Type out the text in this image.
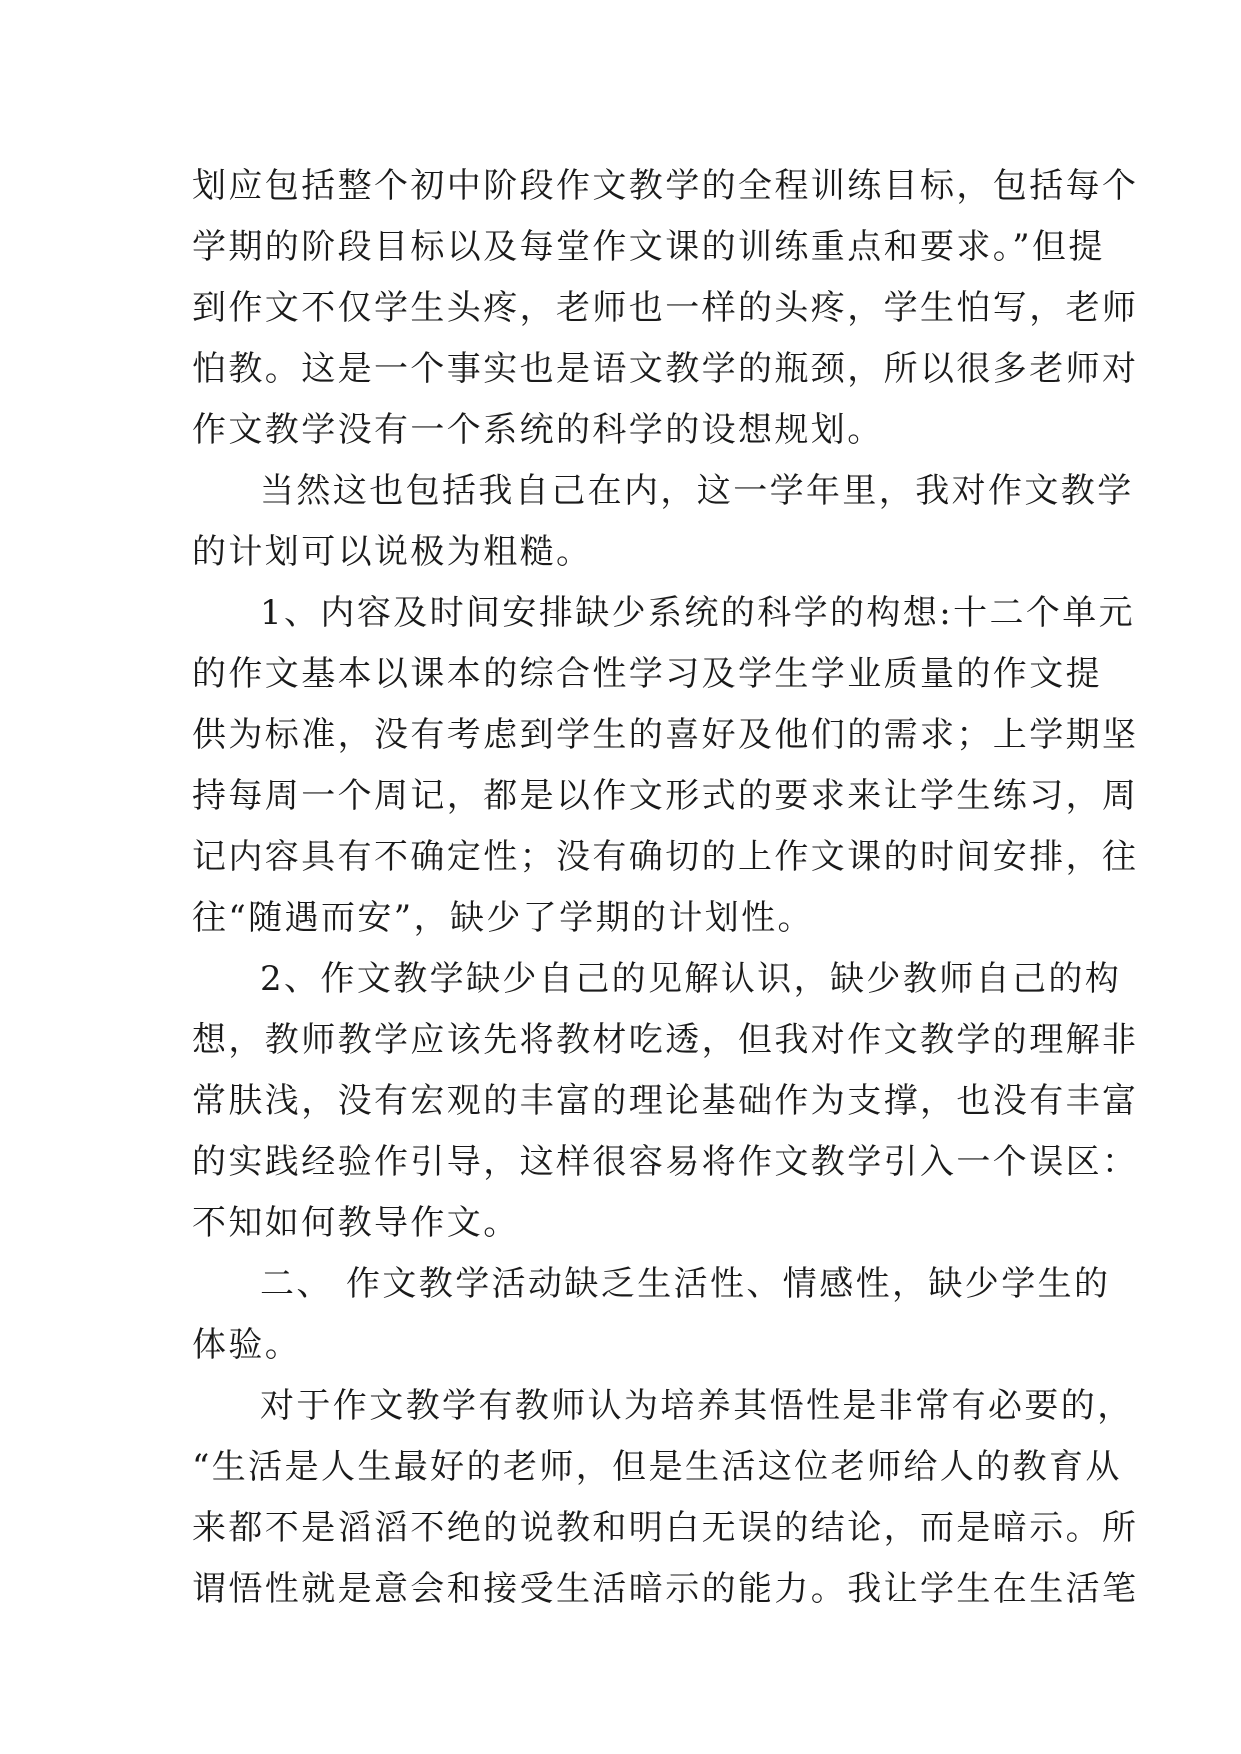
划应包括整个初中阶段作文教学的全程训练目标，包括每个
学期的阶段目标以及每堂作文课的训练重点和要求。”但提
到作文不仅学生头疼，老师也一样的头疼，学生怕写，老师
怕教。这是一个事实也是语文教学的瓶颈，所以很多老师对
作文教学没有一个系统的科学的设想规划。
当然这也包括我自己在内，这一学年里，我对作文教学
的计划可以说极为粗糙。
1、内容及时间安排缺少系统的科学的构想:十二个单元
的作文基本以课本的综合性学习及学生学业质量的作文提
供为标准，没有考虑到学生的喜好及他们的需求；上学期坚
持每周一个周记，都是以作文形式的要求来让学生练习，周
记内容具有不确定性；没有确切的上作文课的时间安排，往
往“随遇而安”，缺少了学期的计划性。
2、作文教学缺少自己的见解认识，缺少教师自己的构
想，教师教学应该先将教材吃透，但我对作文教学的理解非
常肤浅，没有宏观的丰富的理论基础作为支撑，也没有丰富
的实践经验作引导，这样很容易将作文教学引入一个误区：
不知如何教导作文。
二、 作文教学活动缺乏生活性、情感性，缺少学生的
体验。
对于作文教学有教师认为培养其悟性是非常有必要的，
“生活是人生最好的老师，但是生活这位老师给人的教育从
来都不是滔滔不绝的说教和明白无误的结论，而是暗示。所
谓悟性就是意会和接受生活暗示的能力。我让学生在生活笔
